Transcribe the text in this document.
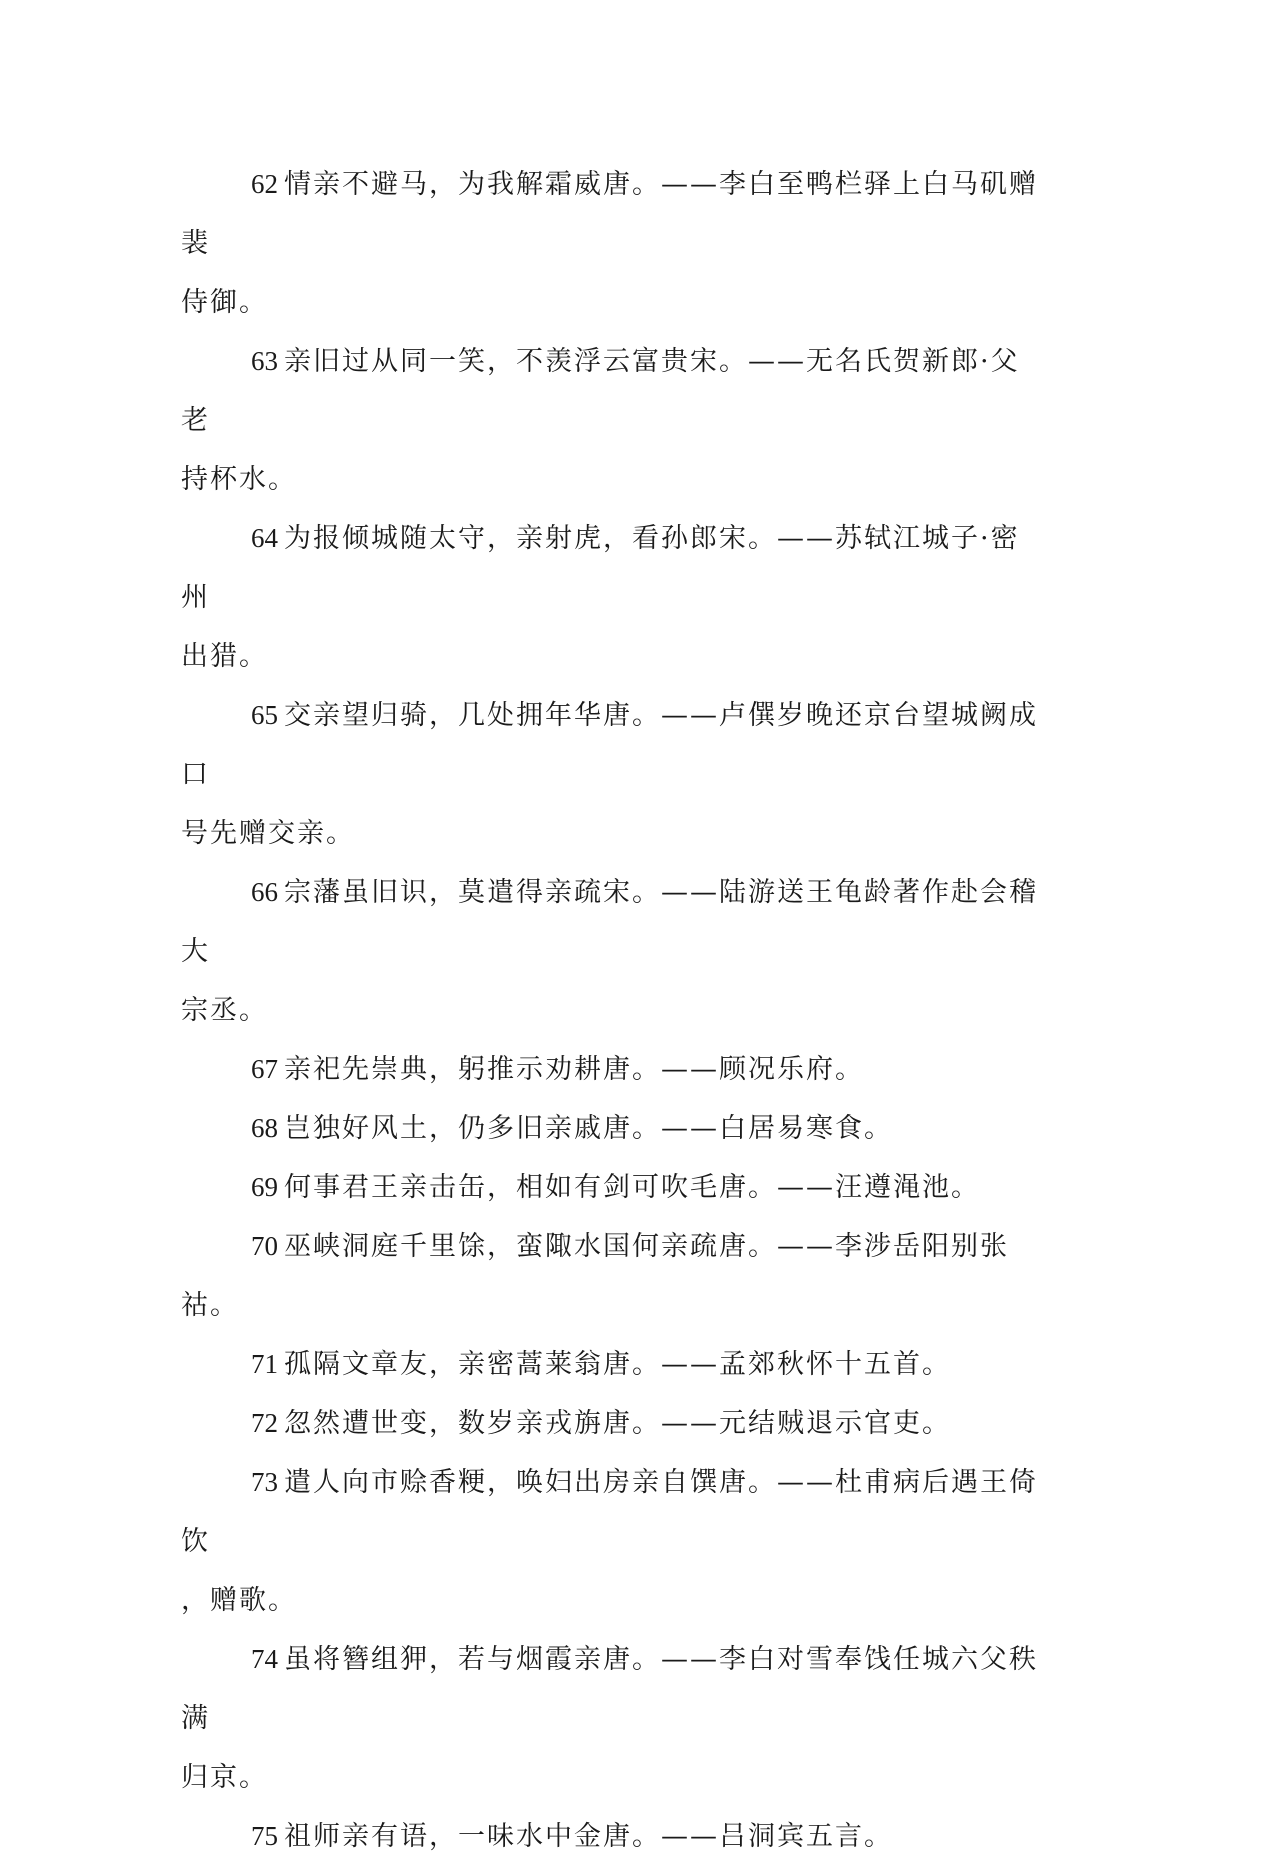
62 情亲不避马，为我解霜威唐。——李白至鸭栏驿上白马矶赠裴
侍御。
63 亲旧过从同一笑，不羡浮云富贵宋。——无名氏贺新郎·父老
持杯水。
64 为报倾城随太守，亲射虎，看孙郎宋。——苏轼江城子·密州
出猎。
65 交亲望归骑，几处拥年华唐。——卢僎岁晚还京台望城阙成口
号先赠交亲。
66 宗藩虽旧识，莫遣得亲疏宋。——陆游送王龟龄著作赴会稽大
宗丞。
67 亲祀先崇典，躬推示劝耕唐。——顾况乐府。
68 岂独好风土，仍多旧亲戚唐。——白居易寒食。
69 何事君王亲击缶，相如有剑可吹毛唐。——汪遵渑池。
70 巫峡洞庭千里馀，蛮陬水国何亲疏唐。——李涉岳阳别张祜。
71 孤隔文章友，亲密蒿莱翁唐。——孟郊秋怀十五首。
72 忽然遭世变，数岁亲戎旃唐。——元结贼退示官吏。
73 遣人向市赊香粳，唤妇出房亲自馔唐。——杜甫病后遇王倚饮
，赠歌。
74 虽将簪组狎，若与烟霞亲唐。——李白对雪奉饯任城六父秩满
归京。
75 祖师亲有语，一味水中金唐。——吕洞宾五言。
